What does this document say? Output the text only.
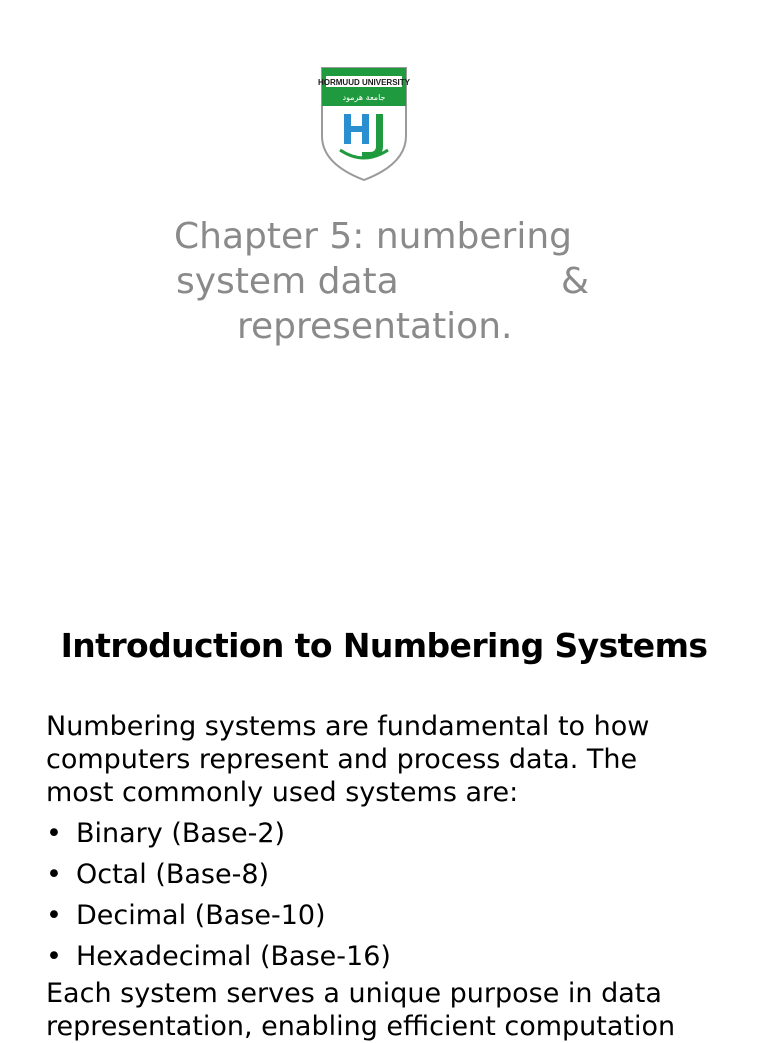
HORMUUD UNIVERSITY
جامعة هرمود
Chapter 5: numbering
system data	&
representation.
Introduction to Numbering Systems
Numbering systems are fundamental to how
computers represent and process data. The
most commonly used systems are:
• Binary (Base-2)
• Octal (Base-8)
• Decimal (Base-10)
• Hexadecimal (Base-16)
Each system serves a unique purpose in data
representation, enabling efficient computation
